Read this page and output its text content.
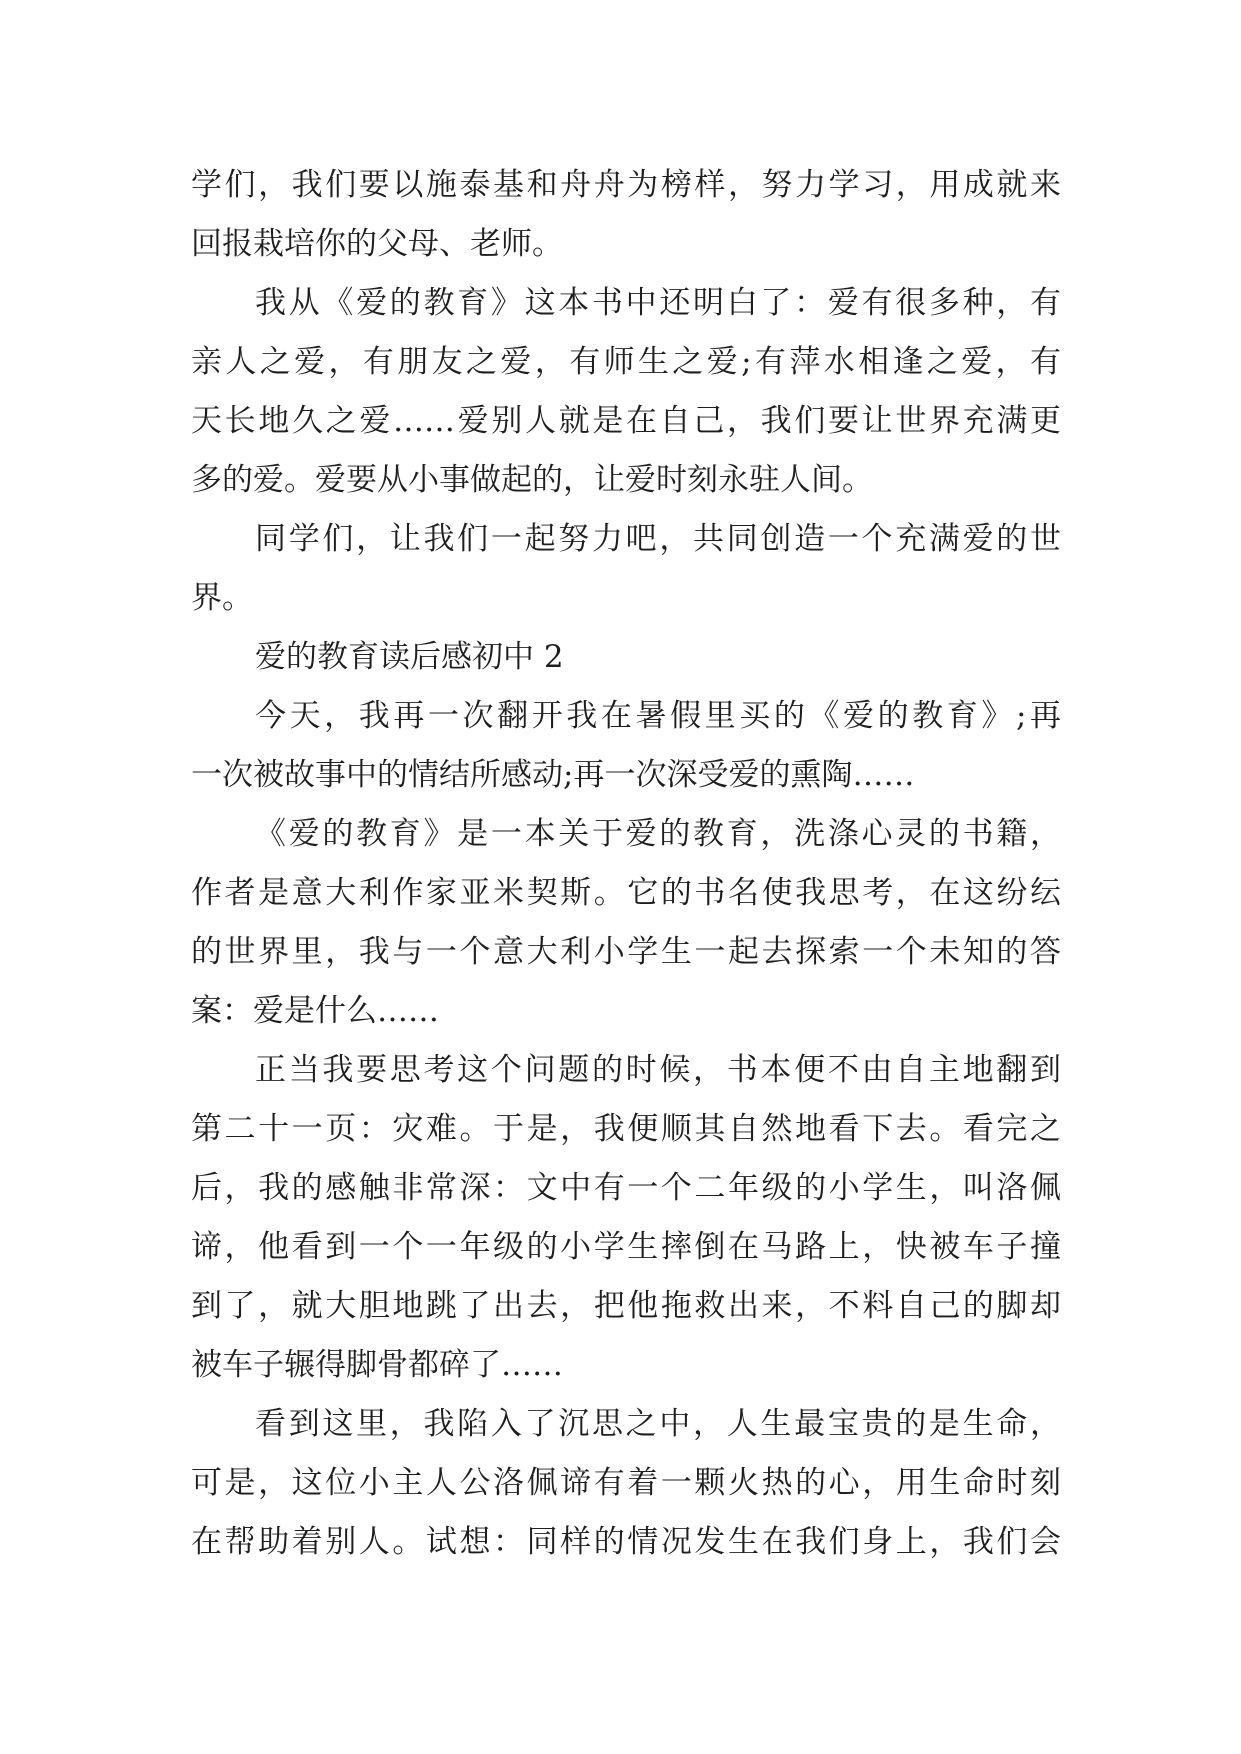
学们，我们要以施泰基和舟舟为榜样，努力学习，用成就来
回报栽培你的父母、老师。
我从《爱的教育》这本书中还明白了：爱有很多种，有
亲人之爱，有朋友之爱，有师生之爱;有萍水相逢之爱，有
天长地久之爱……爱别人就是在自己，我们要让世界充满更
多的爱。爱要从小事做起的，让爱时刻永驻人间。
同学们，让我们一起努力吧，共同创造一个充满爱的世
界。
爱的教育读后感初中 2
今天，我再一次翻开我在暑假里买的《爱的教育》;再
一次被故事中的情结所感动;再一次深受爱的熏陶……
《爱的教育》是一本关于爱的教育，洗涤心灵的书籍，
作者是意大利作家亚米契斯。它的书名使我思考，在这纷纭
的世界里，我与一个意大利小学生一起去探索一个未知的答
案：爱是什么……
正当我要思考这个问题的时候，书本便不由自主地翻到
第二十一页：灾难。于是，我便顺其自然地看下去。看完之
后，我的感触非常深：文中有一个二年级的小学生，叫洛佩
谛，他看到一个一年级的小学生摔倒在马路上，快被车子撞
到了，就大胆地跳了出去，把他拖救出来，不料自己的脚却
被车子辗得脚骨都碎了……
看到这里，我陷入了沉思之中，人生最宝贵的是生命，
可是，这位小主人公洛佩谛有着一颗火热的心，用生命时刻
在帮助着别人。试想：同样的情况发生在我们身上，我们会
